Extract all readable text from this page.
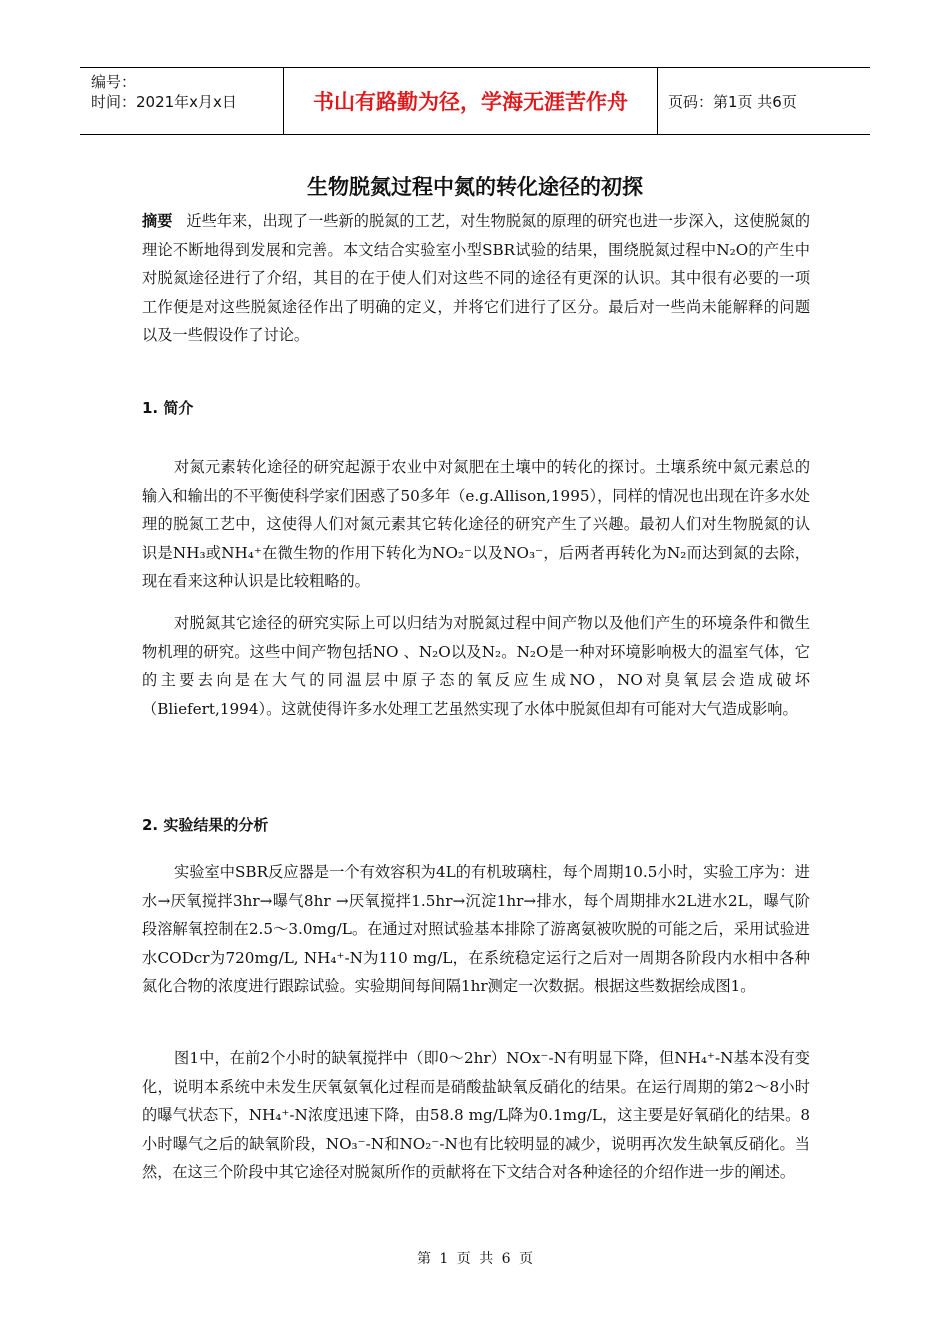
编号：
时间：2021年x月x日	书山有路勤为径，学海无涯苦作舟	页码：第1页 共6页
生物脱氮过程中氮的转化途径的初探

摘要 近些年来，出现了一些新的脱氮的工艺，对生物脱氮的原理的研究也进一步深入，这使脱氮的理论不断地得到发展和完善。本文结合实验室小型SBR试验的结果，围绕脱氮过程中N₂O的产生中对脱氮途径进行了介绍，其目的在于使人们对这些不同的途径有更深的认识。其中很有必要的一项工作便是对这些脱氮途径作出了明确的定义，并将它们进行了区分。最后对一些尚未能解释的问题以及一些假设作了讨论。

1. 简介

对氮元素转化途径的研究起源于农业中对氮肥在土壤中的转化的探讨。土壤系统中氮元素总的输入和输出的不平衡使科学家们困惑了50多年（e.g.Allison,1995），同样的情况也出现在许多水处理的脱氮工艺中，这使得人们对氮元素其它转化途径的研究产生了兴趣。最初人们对生物脱氮的认识是NH₃或NH₄⁺在微生物的作用下转化为NO₂⁻以及NO₃⁻，后两者再转化为N₂而达到氮的去除，现在看来这种认识是比较粗略的。

对脱氮其它途径的研究实际上可以归结为对脱氮过程中间产物以及他们产生的环境条件和微生物机理的研究。这些中间产物包括NO 、N₂O以及N₂。N₂O是一种对环境影响极大的温室气体，它的主要去向是在大气的同温层中原子态的氧反应生成NO，NO对臭氧层会造成破坏（Bliefert,1994）。这就使得许多水处理工艺虽然实现了水体中脱氮但却有可能对大气造成影响。

2. 实验结果的分析

实验室中SBR反应器是一个有效容积为4L的有机玻璃柱，每个周期10.5小时，实验工序为：进水→厌氧搅拌3hr→曝气8hr →厌氧搅拌1.5hr→沉淀1hr→排水，每个周期排水2L进水2L，曝气阶段溶解氧控制在2.5～3.0mg/L。在通过对照试验基本排除了游离氨被吹脱的可能之后，采用试验进水CODcr为720mg/L, NH₄⁺-N为110 mg/L，在系统稳定运行之后对一周期各阶段内水相中各种氮化合物的浓度进行跟踪试验。实验期间每间隔1hr测定一次数据。根据这些数据绘成图1。

图1中，在前2个小时的缺氧搅拌中（即0～2hr）NOx⁻-N有明显下降，但NH₄⁺-N基本没有变化，说明本系统中未发生厌氧氨氧化过程而是硝酸盐缺氧反硝化的结果。在运行周期的第2～8小时的曝气状态下，NH₄⁺-N浓度迅速下降，由58.8 mg/L降为0.1mg/L，这主要是好氧硝化的结果。8小时曝气之后的缺氧阶段，NO₃⁻-N和NO₂⁻-N也有比较明显的减少，说明再次发生缺氧反硝化。当然，在这三个阶段中其它途径对脱氮所作的贡献将在下文结合对各种途径的介绍作进一步的阐述。

第 1 页 共 6 页
